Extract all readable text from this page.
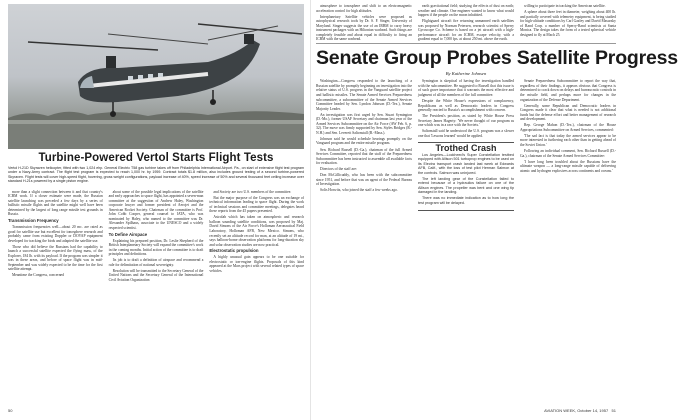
Turbine-Powered Vertol Starts Flight Tests
Vertol H-21D Skyraven helicopter, fitted with two 1,024 ehp. General Electric T58 gas turbine takes off from Philadelphia International Airport. Pa., on start of extensive flight test program under a Navy-Army contract. The flight test program is expected to reach 1,000 hr. by 1959. Contract totals $1.8 million, also includes ground testing of a second turbine-powered Skyraven. Flight tests will cover high-speed flight, hovering, gross weight configurations, payload increase of 40%, speed increase of 50% and several thousand feet ceiling increase over standard H-21s powered by a single piston engine.

more than a slight connection between it and that country's ICBM work. If a closer estimate were made, the Russian satellite launching was preceded a few days by a series of ballistic missile flights and the satellite might well have been determined by the largest of long range missile test grounds in Russia.

Transmission Frequency

Transmission frequencies well—about 20 mc. are rated as good for satellite use but excellent for ionosphere research and probably came from existing Doppler or DOVAP equipment developed for tracking the birds and adapted the satellite use.

Those who did believe the Russians had the capability to launch a successful satellite expected the flying mass, of the Explorer, 184 lb. with its payload. If the program was simpler it was in these areas, and before of space flight was in mid-September and was widely expected to be the time for the first satellite attempt.

Meantime the Congress, concerned

about some of the possible legal implications of the satellite and early approaches to space flight, has appointed a seven-man committee at the suggestion of Andrew Haley, Washington corporate lawyer and former president of Aerojet and the American Rocket Society. Chairman of the committee is Prof. John Cobb Cooper, general counsel to IATA, who was nominated by Haley, who named to the committee was Dr. Alexander Spilhaus, associate to the UNESCO and a widely respected scientist.

To Define Airspace

Explaining his prepared position, Dr. Leslie Shepherd of the British Interplanetary Society will expand the committee's work in the coming months. Initial action of the committee is to draft principles and definitions.

Its job is to draft a definition of airspace and recommend a rule for delimitation of national sovereignty.

Resolution will be transmitted to the Secretary General of the United Nations and the Secretary General of the International Civil Aviation Organization

and Society are two U.S. members of the committee.

But the major purpose of the Congress was an exchange of technical information leading to space flight. During the work of technical sessions and committee meetings, delegates heard these reports from the 45 papers presented.

Astrolab which has taken on atmospheric and research balloon sounding satellite conditions, was proposed by Maj. David Simons of the Air Force's Holloman Aeronautical Field Laboratory, Holloman AFB, New Mexico. Simons, who recently set an altitude record for man, at an altitude of 19 mi., says balloon-borne observation platforms for long-duration sky and solar observation studies are now practical.

Electrostatic propulsion

A highly unusual gain appears to be one suitable for electrostatic or ion-engine flights. Proposals of this kind appeared at the Mars project with several related types of space vehicles.

50

atmosphere to ionosphere and shift to an electromagnetic acceleration control for high altitudes.

Interplanetary Satellite vehicles were proposed as astrophysical research tools by Dr. S. F. Singer, University of Maryland. Singer suggests the use of an IRBM to carry heavy instrument packages with an Hiltonian warhead. Such things are completely feasible and about equal in difficulty to firing an ICBM with the same warhead.

earth gravitational field; studying the effects of dust on earth; weather and climate. One engineer wanted to know what would happen if the people on the moon inhabited.

Flightguard aircraft fire returning unmanned earth satellites was proposed by Norman Petersen, research scientist of Sperry Gyroscope Co. Scheme is based on a jet aircraft with a high-performance aircraft for an ICBM, escape velocity, with a gradient equal to 7,000 fps. at about 250 mi. above the earth.

willing to participate in tracking the American satellite.

A sphere about three feet in diameter, weighing about 400 lb. and partially covered with telemetry equipment, is being studied for high-altitude conditions by Carl Gazley and David Masursky of Rand Corp. a number of Sperry-Rand scientists at Santa Monica. The design takes the form of a tested spherical vehicle designed to fly at Mach 25.

Senate Group Probes Satellite Progress
By Katherine Johnsen

Washington—Congress responded to the launching of a Russian satellite by promptly beginning an investigation into the relative status of U.S. progress in the Vanguard satellite project and ballistic missiles. The Senate Armed Services Preparedness subcommittee, a subcommittee of the Senate Armed Services Committee headed by Sen. Lyndon Johnson (D.-Tex.), Senate Majority Leader.

An investigation was first urged by Sen. Stuart Symington (D.-Mo.), former USAF Secretary and chairman last year of the Armed Services Subcommittee on the Air Force (AW Feb. 6, p. 32). The move was firmly supported by Sen. Styles Bridges (R.-N.H.) and Sen. Leverett Saltonstall (R.-Mass.).

Johnson said he would schedule hearings promptly on the Vanguard program and the entire missile program.

Sen. Richard Russell (D.-Ga.), chairman of the full Armed Services Committee, reported that the staff of the Preparedness Subcommittee has been instructed to assemble all available facts for evaluation.

Directors of the staff are:

Don McGillicuddy, who has been with the subcommittee since 1951, and before that was an agent of the Federal Bureau of Investigation.

Solis Horwitz, who joined the staff a few weeks ago.

Symington is skeptical of having the investigation handled with the subcommittee. He suggested to Russell that this issue is of such grave importance that it warrants the most effective and judgment of all the members of the full committee.

Despite the White House's expressions of complacency, Republicans as well as Democratic leaders in Congress generally reacted to Russia's accomplishment with concern.

The President's position, as stated by White House Press Secretary James Hagerty: 'We never thought of our program as one which was in a race with the Soviets.'

Saltonstall said he understood the U.S. program was a slower one that 'Lessons learned' would be applied.

Trothed Crash

Los Angeles—Lockheed's Super Constellation testbed equipped with Allison 501 turboprop engines to be used on its Electra transport crash landed last week at Edwards AFB, Calif., with the loss of test pilot Herman Salmon at the controls. Salmon was uninjured.

The left landing gear of the Constellation failed to extend because of a hydraulics failure on one of the Allison engines. The propeller was bent and one wing tip damaged in the landing.

There was no immediate indication as to how long the test program will be delayed.

Senate Preparedness Subcommittee to report the way that, regardless of their findings, it appears obvious that Congress is determined to crack down on delays and bureaucratic controls in the missile field, and perhaps more for changes in the organization of the Defense Department.

Generally, some Republican and Democratic leaders in Congress made it clear that what is needed is not additional funds but the defense effort and better management of research and development.

Rep. George Mahon (D.-Tex.), chairman of the House Appropriations Subcommittee on Armed Services, commented:

'The sad fact is that today the armed services appear to be more interested in furthering each other than in getting ahead of the Soviet Union.'

Following an individual comment, Sen. Richard Russell (D.-Ga.), chairman of the Senate Armed Services Committee:

'I have long been troubled about the Russians have the ultimate weapon — a long-range missile capable of delivering atomic and hydrogen explosives across continents and oceans.'

AVIATION WEEK, October 14, 1957 51
